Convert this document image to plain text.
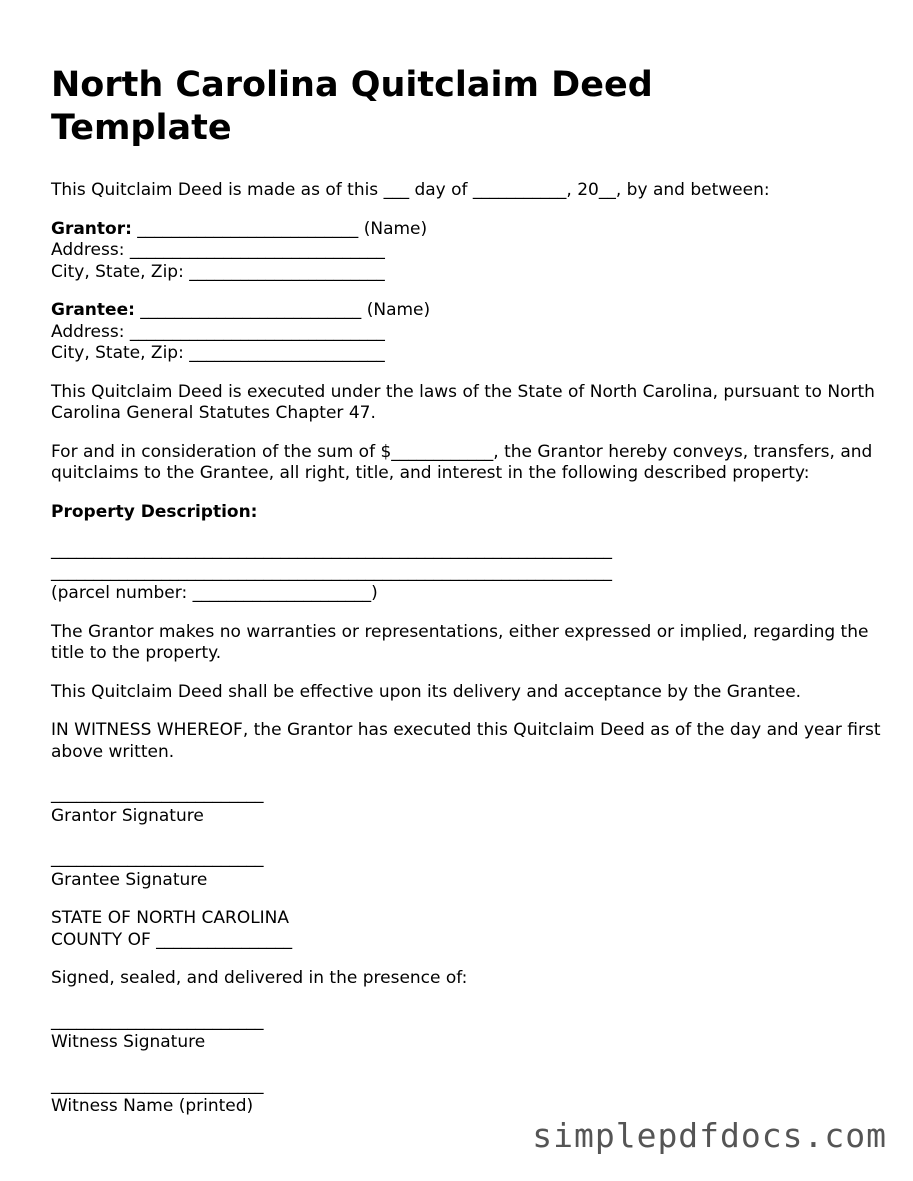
North Carolina Quitclaim Deed
Template

This Quitclaim Deed is made as of this ___ day of ___________, 20__, by and between:

Grantor: __________________________ (Name)
Address: ______________________________
City, State, Zip: _______________________
Grantee: __________________________ (Name)
Address: ______________________________
City, State, Zip: _______________________

This Quitclaim Deed is executed under the laws of the State of North Carolina, pursuant to North Carolina General Statutes Chapter 47.

For and in consideration of the sum of $____________, the Grantor hereby conveys, transfers, and quitclaims to the Grantee, all right, title, and interest in the following described property:

Property Description:

__________________________________________________________________
__________________________________________________________________
(parcel number: _____________________)

The Grantor makes no warranties or representations, either expressed or implied, regarding the title to the property.

This Quitclaim Deed shall be effective upon its delivery and acceptance by the Grantee.

IN WITNESS WHEREOF, the Grantor has executed this Quitclaim Deed as of the day and year first above written.

_________________________
Grantor Signature
_________________________
Grantee Signature
STATE OF NORTH CAROLINA
COUNTY OF ________________

Signed, sealed, and delivered in the presence of:

_________________________
Witness Signature
_________________________
Witness Name (printed)
simplepdfdocs.com
